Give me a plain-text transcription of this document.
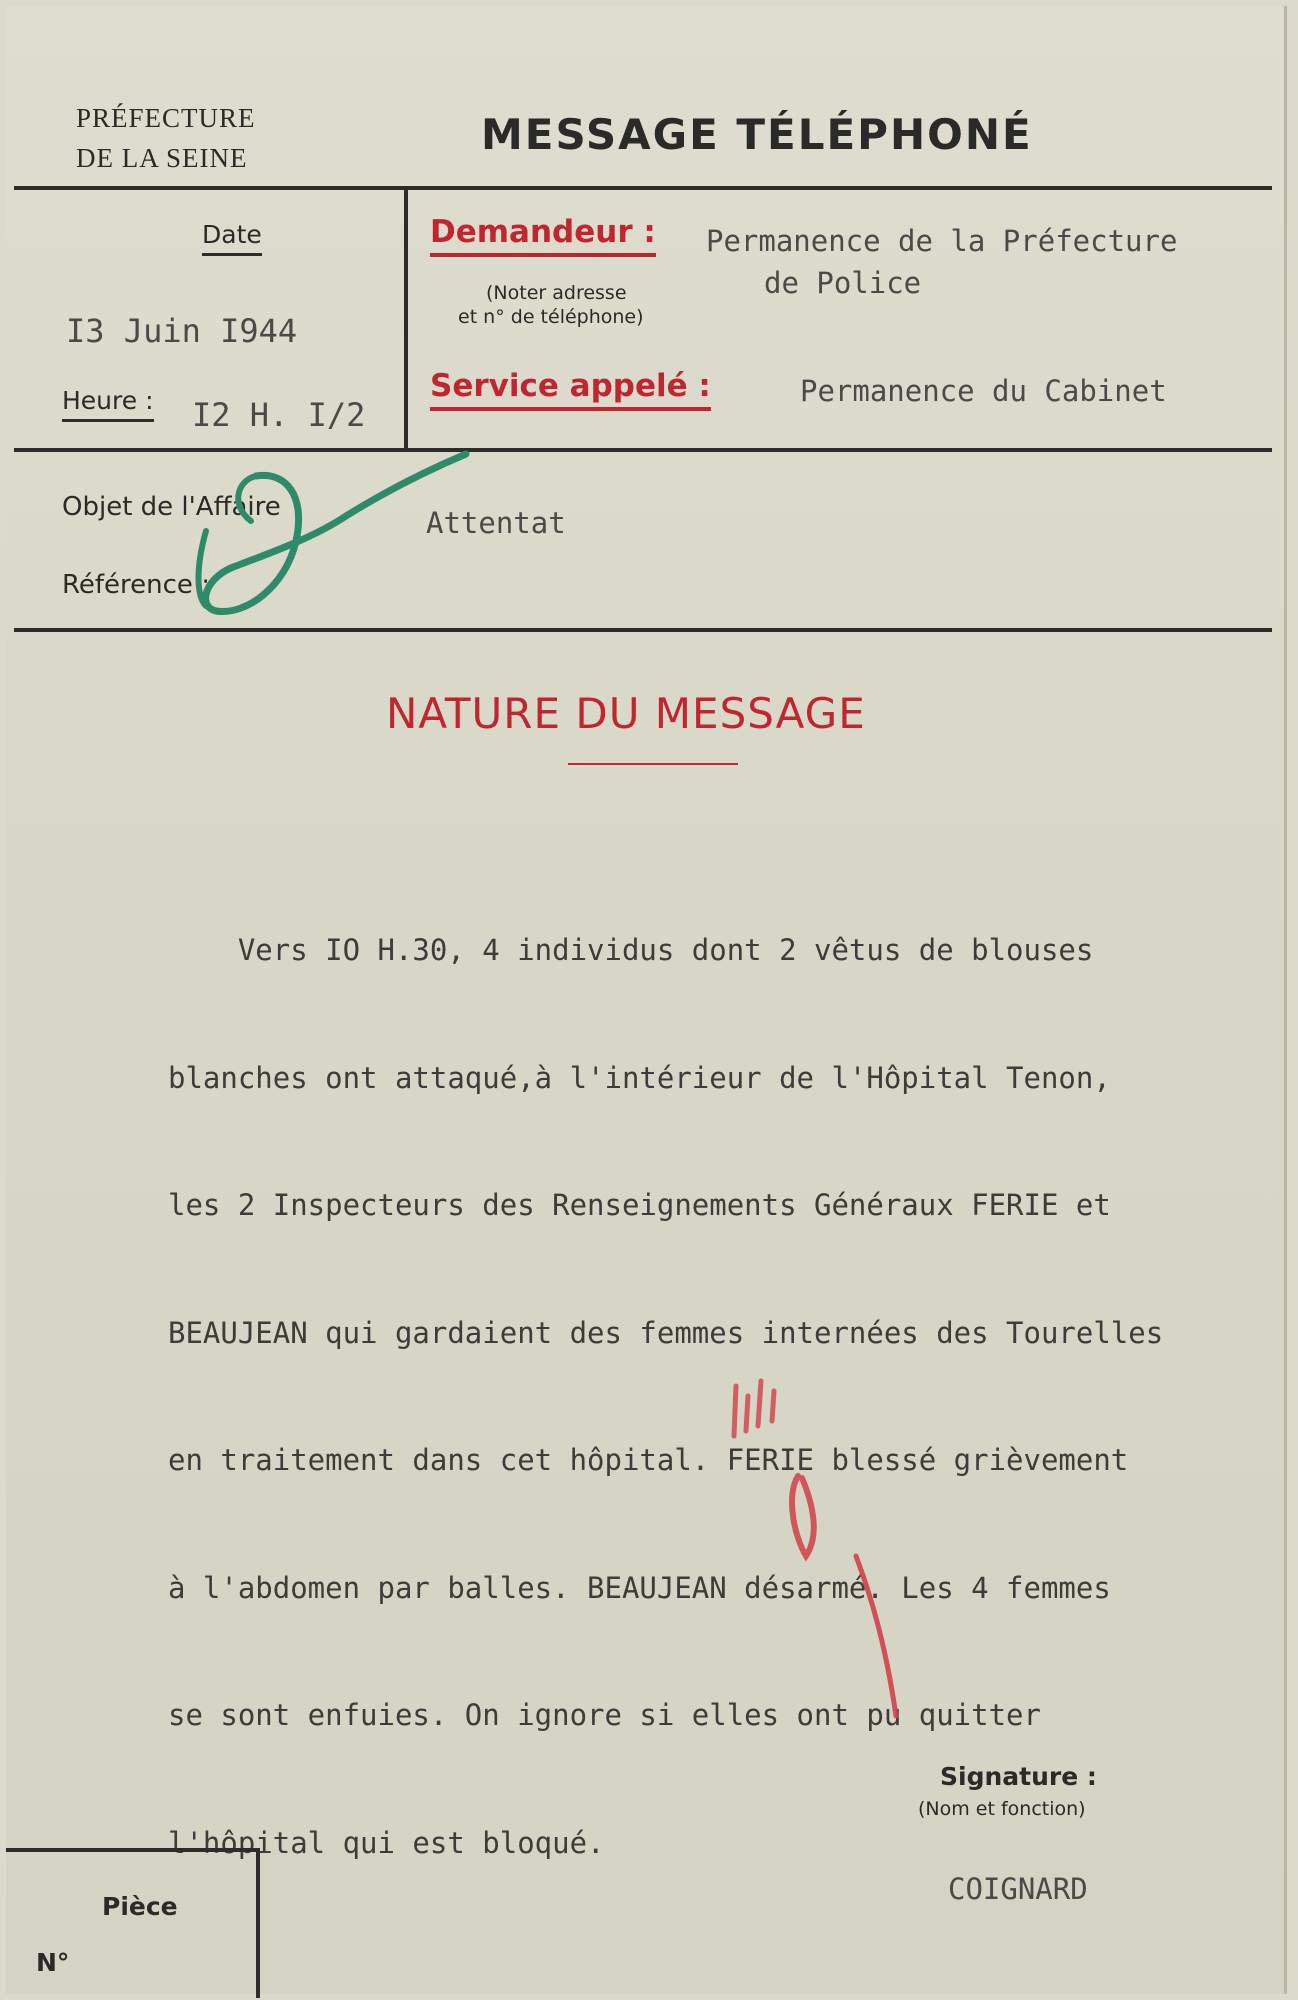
PRÉFECTURE
DE LA SEINE	MESSAGE TÉLÉPHONÉ
Date
I3 Juin I944
Heure : I2 H. I/2
Demandeur :
(Noter adresse
et n° de téléphone)
Permanence de la Préfecture
de Police
Service appelé :	Permanence du Cabinet
Objet de l'Affaire
Référence :
Attentat
NATURE DU MESSAGE

Vers IO H.30, 4 individus dont 2 vêtus de blouses

blanches ont attaqué,à l'intérieur de l'Hôpital Tenon,

les 2 Inspecteurs des Renseignements Généraux FERIE et

BEAUJEAN qui gardaient des femmes internées des Tourelles

en traitement dans cet hôpital. FERIE blessé grièvement

à l'abdomen par balles. BEAUJEAN désarmé. Les 4 femmes

se sont enfuies. On ignore si elles ont pu quitter

l'hôpital qui est bloqué.

Signature :
(Nom et fonction)
COIGNARD
Pièce
N°
